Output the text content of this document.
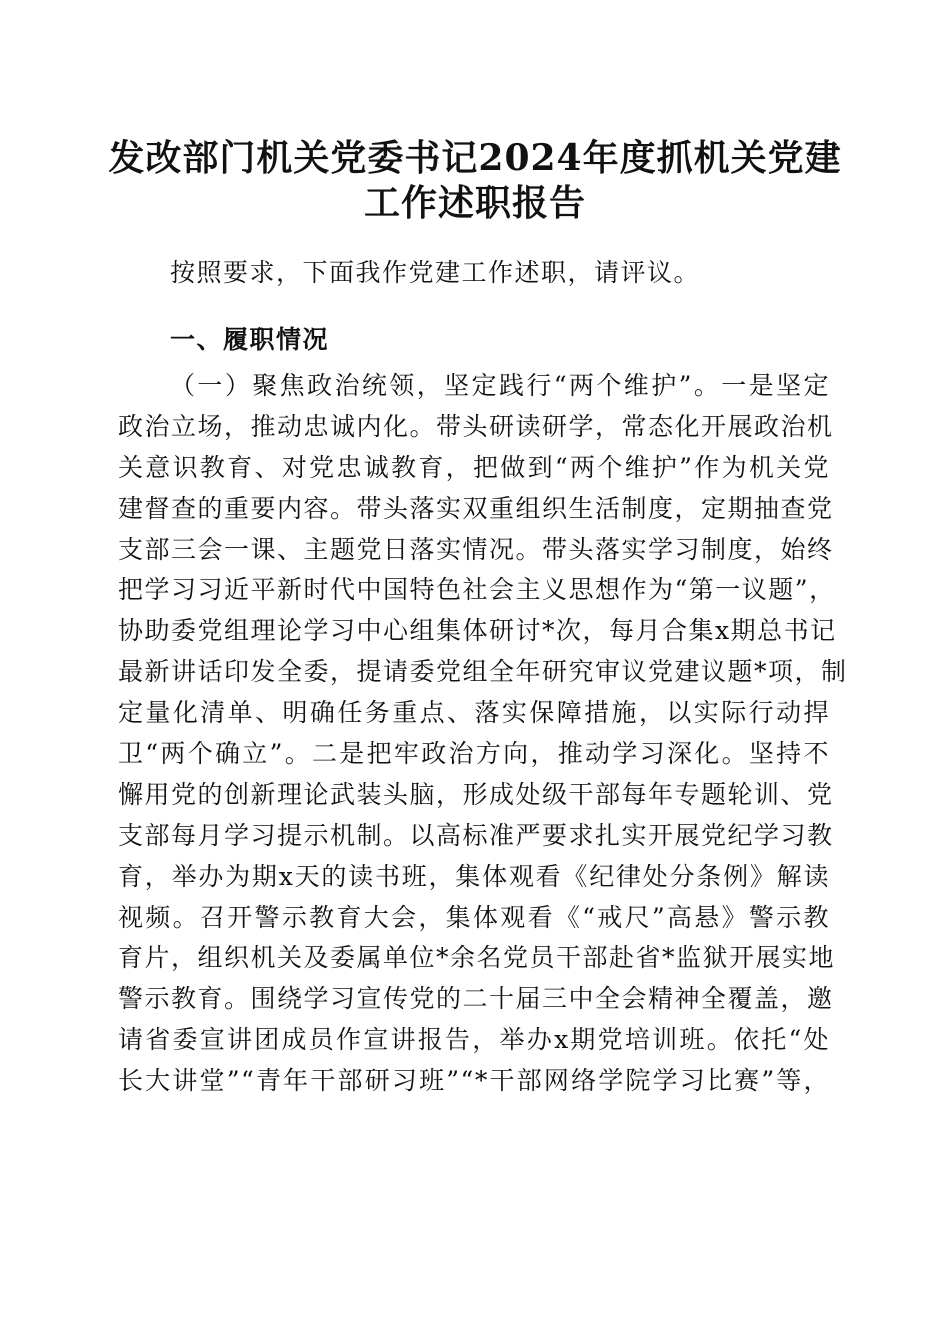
发改部门机关党委书记2024年度抓机关党建
工作述职报告

按照要求，下面我作党建工作述职，请评议。

一、履职情况
（一）聚焦政治统领，坚定践行“两个维护”。一是坚定
政治立场，推动忠诚内化。带头研读研学，常态化开展政治机
关意识教育、对党忠诚教育，把做到“两个维护”作为机关党
建督查的重要内容。带头落实双重组织生活制度，定期抽查党
支部三会一课、主题党日落实情况。带头落实学习制度，始终
把学习习近平新时代中国特色社会主义思想作为“第一议题”，
协助委党组理论学习中心组集体研讨*次，每月合集x期总书记
最新讲话印发全委，提请委党组全年研究审议党建议题*项，制
定量化清单、明确任务重点、落实保障措施，以实际行动捍
卫“两个确立”。二是把牢政治方向，推动学习深化。坚持不
懈用党的创新理论武装头脑，形成处级干部每年专题轮训、党
支部每月学习提示机制。以高标准严要求扎实开展党纪学习教
育，举办为期x天的读书班，集体观看《纪律处分条例》解读
视频。召开警示教育大会，集体观看《“戒尺”高悬》警示教
育片，组织机关及委属单位*余名党员干部赴省*监狱开展实地
警示教育。围绕学习宣传党的二十届三中全会精神全覆盖，邀
请省委宣讲团成员作宣讲报告，举办x期党培训班。依托“处
长大讲堂”“青年干部研习班”“*干部网络学院学习比赛”等，
